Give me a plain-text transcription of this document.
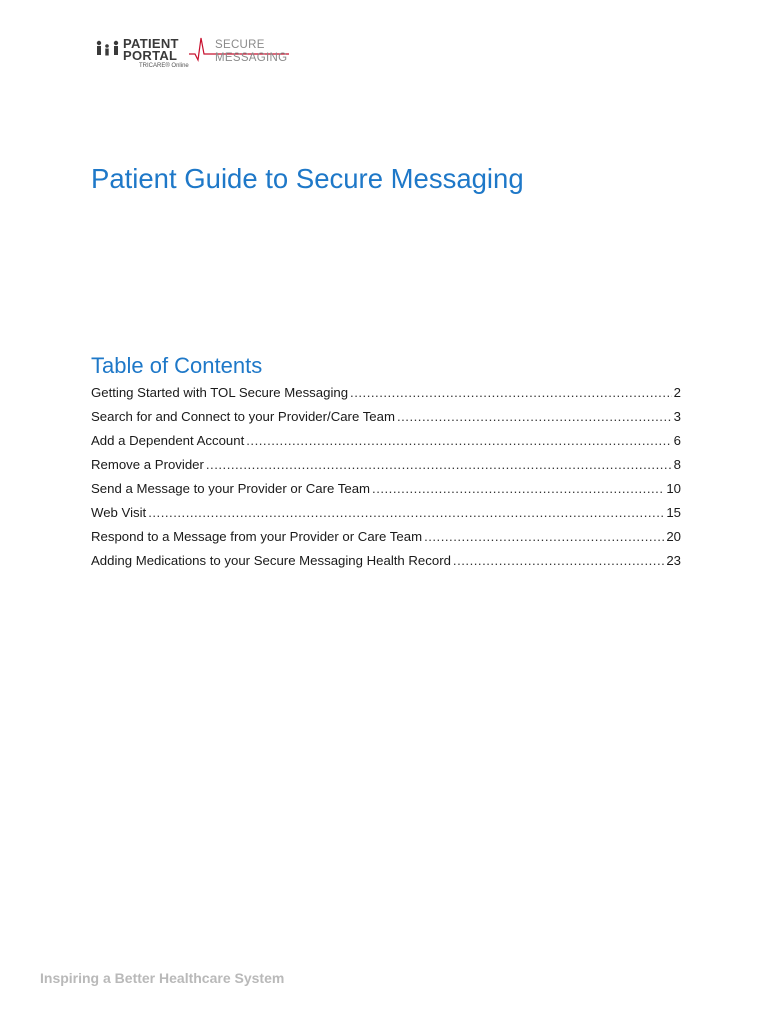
PATIENT
PORTAL
TRICARE® Online
SECURE
MESSAGING
Patient Guide to Secure Messaging
Table of Contents
Getting Started with TOL Secure Messaging .....	2
Search for and Connect to your Provider/Care Team .....	3
Add a Dependent Account .....	6
Remove a Provider .....	8
Send a Message to your Provider or Care Team .....	10
Web Visit .....	15
Respond to a Message from your Provider or Care Team .....	20
Adding Medications to your Secure Messaging Health Record .....	23
Inspiring a Better Healthcare System
